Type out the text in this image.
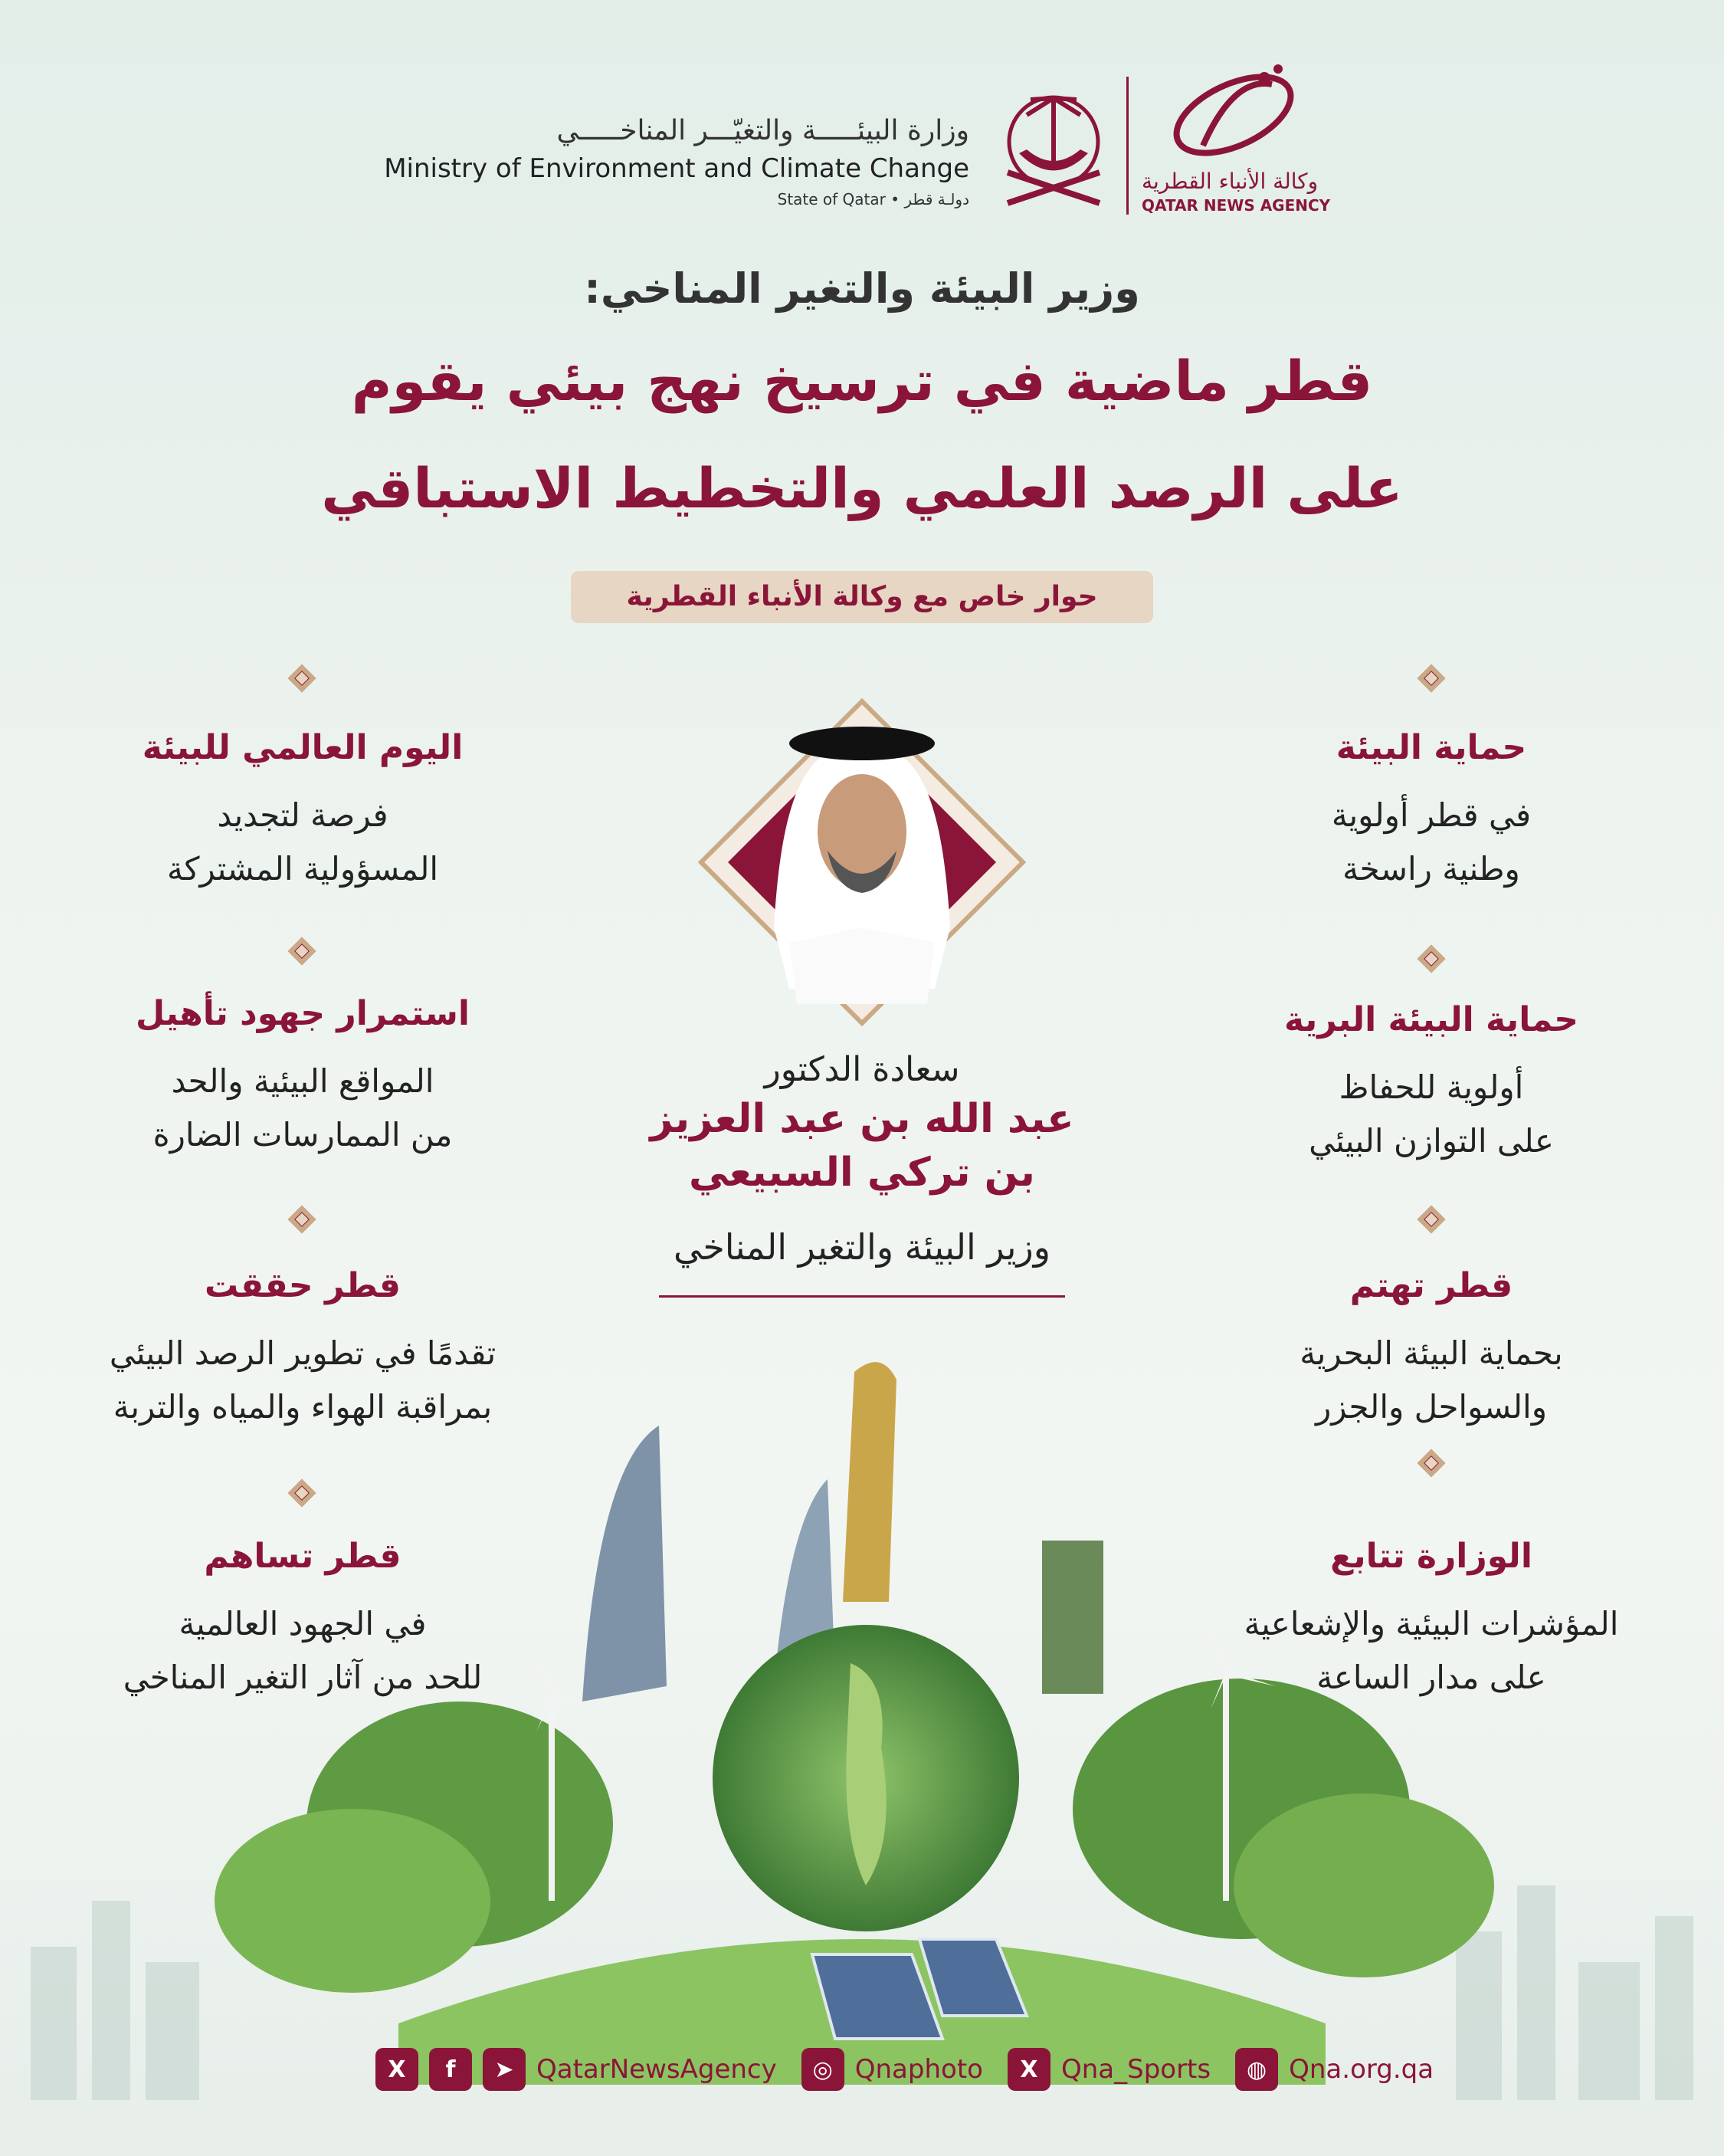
وزارة البيئـــــة والتغيّـــر المناخـــــي
Ministry of Environment and Climate Change
State of Qatar • دولـة قطر
وكالة الأنباء القطرية
QATAR NEWS AGENCY
وزير البيئة والتغير المناخي:
قطر ماضية في ترسيخ نهج بيئي يقوم
على الرصد العلمي والتخطيط الاستباقي
حوار خاص مع وكالة الأنباء القطرية
حماية البيئة
في قطر أولوية
وطنية راسخة
حماية البيئة البرية
أولوية للحفاظ
على التوازن البيئي
قطر تهتم
بحماية البيئة البحرية
والسواحل والجزر
الوزارة تتابع
المؤشرات البيئية والإشعاعية
على مدار الساعة
اليوم العالمي للبيئة
فرصة لتجديد
المسؤولية المشتركة
استمرار جهود تأهيل
المواقع البيئية والحد
من الممارسات الضارة
قطر حققت
تقدمًا في تطوير الرصد البيئي
بمراقبة الهواء والمياه والتربة
قطر تساهم
في الجهود العالمية
للحد من آثار التغير المناخي
سعادة الدكتور
عبد الله بن عبد العزيز
بن تركي السبيعي
وزير البيئة والتغير المناخي
X	f	➤ QatarNewsAgency	◎ Qnaphoto	X Qna_Sports	◍ Qna.org.qa
